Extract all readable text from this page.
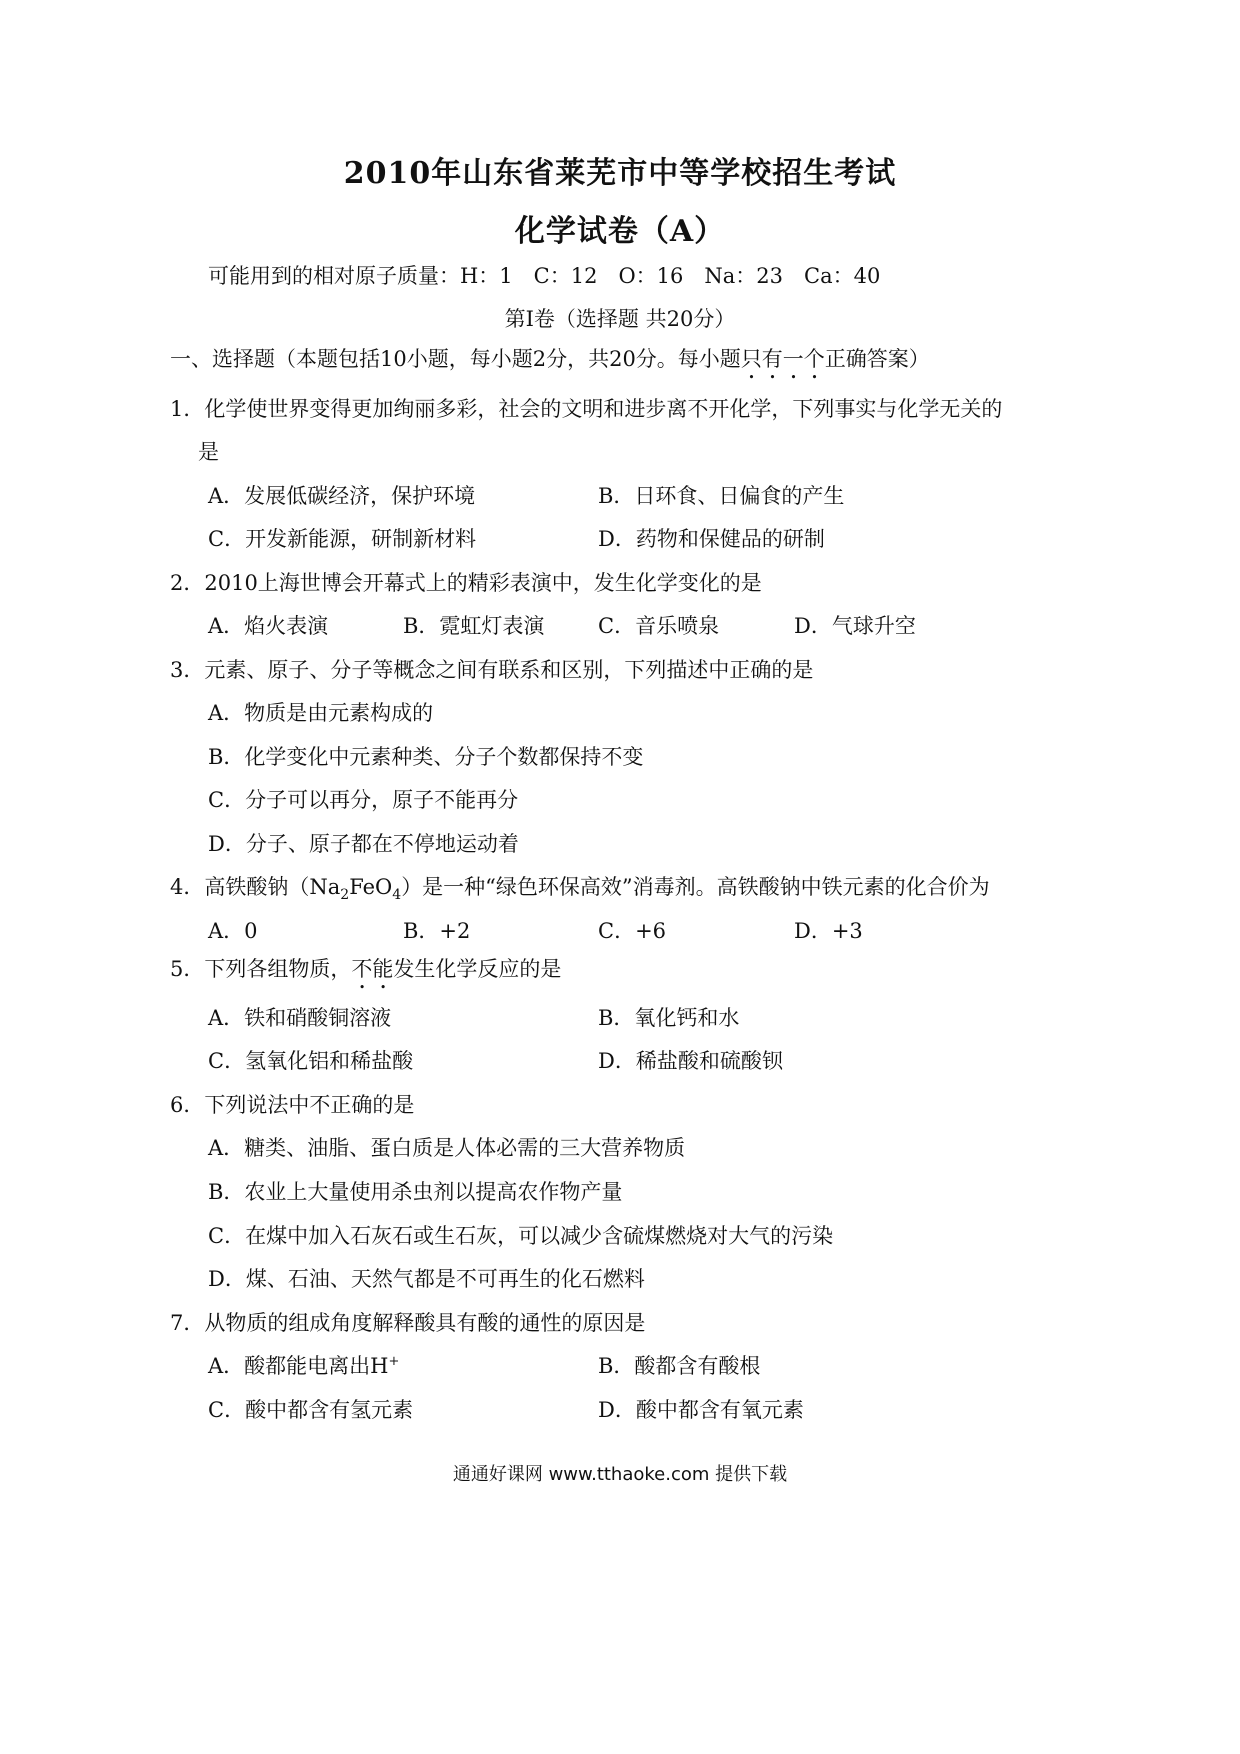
2010年山东省莱芜市中等学校招生考试
化学试卷（A）
可能用到的相对原子质量：H：1　C：12　O：16　Na：23　Ca：40
第Ⅰ卷（选择题 共20分）
一、选择题（本题包括10小题，每小题2分，共20分。每小题只有一个正确答案）
1．化学使世界变得更加绚丽多彩，社会的文明和进步离不开化学，下列事实与化学无关的
是
A．发展低碳经济，保护环境	B．日环食、日偏食的产生
C．开发新能源，研制新材料	D．药物和保健品的研制
2．2010上海世博会开幕式上的精彩表演中，发生化学变化的是
A．焰火表演	B．霓虹灯表演	C．音乐喷泉	D．气球升空
3．元素、原子、分子等概念之间有联系和区别，下列描述中正确的是
A．物质是由元素构成的
B．化学变化中元素种类、分子个数都保持不变
C．分子可以再分，原子不能再分
D．分子、原子都在不停地运动着
4．高铁酸钠$(Na_2FeO_4)$是一种“绿色环保高效”消毒剂。高铁酸钠中铁元素的化合价为
A．0	B．+2	C．+6	D．+3
5．下列各组物质，不能发生化学反应的是
A．铁和硝酸铜溶液	B．氧化钙和水
C．氢氧化铝和稀盐酸	D．稀盐酸和硫酸钡
6．下列说法中不正确的是
A．糖类、油脂、蛋白质是人体必需的三大营养物质
B．农业上大量使用杀虫剂以提高农作物产量
C．在煤中加入石灰石或生石灰，可以减少含硫煤燃烧对大气的污染
D．煤、石油、天然气都是不可再生的化石燃料
7．从物质的组成角度解释酸具有酸的通性的原因是
A．酸都能电离出H+	B．酸都含有酸根
C．酸中都含有氢元素	D．酸中都含有氧元素
通通好课网 www.tthaoke.com 提供下载
